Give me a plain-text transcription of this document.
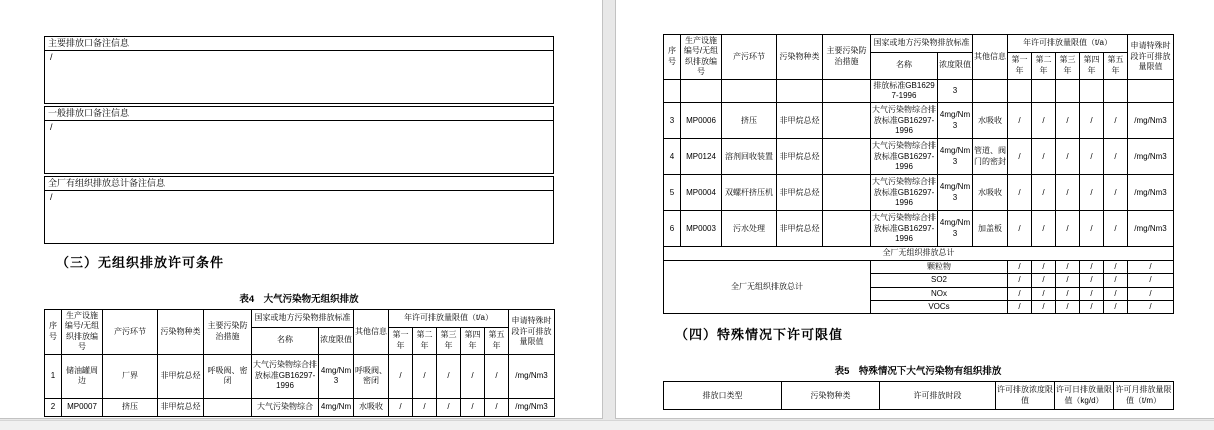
主要排放口备注信息
/
一般排放口备注信息
/
全厂有组织排放总计备注信息
/
（三）无组织排放许可条件
表4　大气污染物无组织排放
序号	生产设施编号/无组织排放编号	产污环节	污染物种类	主要污染防治措施	国家或地方污染物排放标准		其他信息	年许可排放量限值（t/a）					申请特殊时段许可排放量限值
					名称	浓度限值		第一年	第二年	第三年	第四年	第五年	
1	储油罐周边	厂界	非甲烷总烃	呼吸阀、密闭	大气污染物综合排放标准GB16297-1996	4mg/Nm3	呼吸阀、密闭	/	/	/	/	/	/mg/Nm3
2	MP0007	挤压	非甲烷总烃		大气污染物综合	4mg/Nm	水吸收	/	/	/	/	/	/mg/Nm3
序号	生产设施编号/无组织排放编号	产污环节	污染物种类	主要污染防治措施	国家或地方污染物排放标准		其他信息	年许可排放量限值（t/a）					申请特殊时段许可排放量限值
					名称	浓度限值		第一年	第二年	第三年	第四年	第五年	
					排放标准GB16297-1996	3							
3	MP0006	挤压	非甲烷总烃		大气污染物综合排放标准GB16297-1996	4mg/Nm3	水吸收	/	/	/	/	/	/mg/Nm3
4	MP0124	溶剂回收装置	非甲烷总烃		大气污染物综合排放标准GB16297-1996	4mg/Nm3	管道、阀门的密封	/	/	/	/	/	/mg/Nm3
5	MP0004	双螺杆挤压机	非甲烷总烃		大气污染物综合排放标准GB16297-1996	4mg/Nm3	水吸收	/	/	/	/	/	/mg/Nm3
6	MP0003	污水处理	非甲烷总烃		大气污染物综合排放标准GB16297-1996	4mg/Nm3	加盖板	/	/	/	/	/	/mg/Nm3
全厂无组织排放总计													
全厂无组织排放总计					颗粒物			/	/	/	/	/	/
					SO2			/	/	/	/	/	/
					NOx			/	/	/	/	/	/
					VOCs			/	/	/	/	/	/
（四）特殊情况下许可限值
表5　特殊情况下大气污染物有组织排放
排放口类型	污染物种类	许可排放时段	许可排放浓度限值	许可日排放量限值（kg/d）	许可月排放量限值（t/m）
